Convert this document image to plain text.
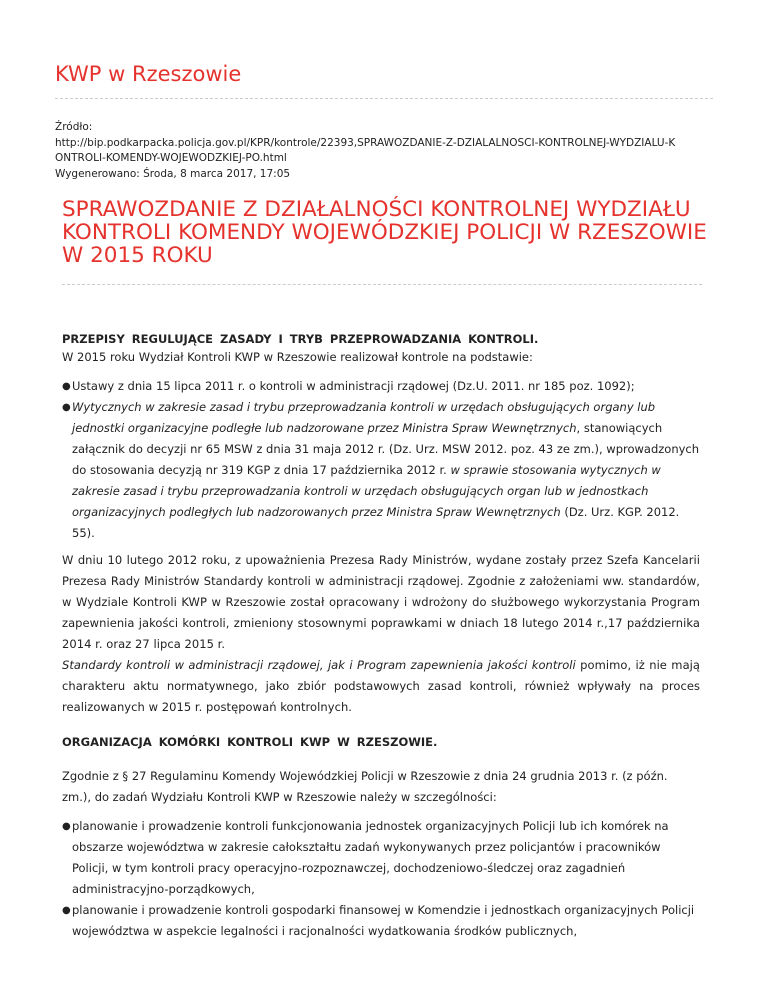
KWP w Rzeszowie
Źródło:
http://bip.podkarpacka.policja.gov.pl/KPR/kontrole/22393,SPRAWOZDANIE-Z-DZIALALNOSCI-KONTROLNEJ-WYDZIALU-K
ONTROLI-KOMENDY-WOJEWODZKIEJ-PO.html
Wygenerowano: Środa, 8 marca 2017, 17:05
SPRAWOZDANIE Z DZIAŁALNOŚCI KONTROLNEJ WYDZIAŁU KONTROLI KOMENDY WOJEWÓDZKIEJ POLICJI W RZESZOWIE W 2015 ROKU

PRZEPISY REGULUJĄCE ZASADY I TRYB PRZEPROWADZANIA KONTROLI.

W 2015 roku Wydział Kontroli KWP w Rzeszowie realizował kontrole na podstawie:

● Ustawy z dnia 15 lipca 2011 r. o kontroli w administracji rządowej (Dz.U. 2011. nr 185 poz. 1092);
● Wytycznych w zakresie zasad i trybu przeprowadzania kontroli w urzędach obsługujących organy lub jednostki organizacyjne podległe lub nadzorowane przez Ministra Spraw Wewnętrznych, stanowiących załącznik do decyzji nr 65 MSW z dnia 31 maja 2012 r. (Dz. Urz. MSW 2012. poz. 43 ze zm.), wprowadzonych do stosowania decyzją nr 319 KGP z dnia 17 października 2012 r. w sprawie stosowania wytycznych w zakresie zasad i trybu przeprowadzania kontroli w urzędach obsługujących organ lub w jednostkach organizacyjnych podległych lub nadzorowanych przez Ministra Spraw Wewnętrznych (Dz. Urz. KGP. 2012. 55).

W dniu 10 lutego 2012 roku, z upoważnienia Prezesa Rady Ministrów, wydane zostały przez Szefa Kancelarii Prezesa Rady Ministrów Standardy kontroli w administracji rządowej. Zgodnie z założeniami ww. standardów, w Wydziale Kontroli KWP w Rzeszowie został opracowany i wdrożony do służbowego wykorzystania Program zapewnienia jakości kontroli, zmieniony stosownymi poprawkami w dniach 18 lutego 2014 r.,17 października 2014 r. oraz 27 lipca 2015 r.

Standardy kontroli w administracji rządowej, jak i Program zapewnienia jakości kontroli pomimo, iż nie mają charakteru aktu normatywnego, jako zbiór podstawowych zasad kontroli, również wpływały na proces realizowanych w 2015 r. postępowań kontrolnych.

ORGANIZACJA KOMÓRKI KONTROLI KWP W RZESZOWIE.

Zgodnie z § 27 Regulaminu Komendy Wojewódzkiej Policji w Rzeszowie z dnia 24 grudnia 2013 r. (z późn. zm.), do zadań Wydziału Kontroli KWP w Rzeszowie należy w szczególności:

● planowanie i prowadzenie kontroli funkcjonowania jednostek organizacyjnych Policji lub ich komórek na obszarze województwa w zakresie całokształtu zadań wykonywanych przez policjantów i pracowników Policji, w tym kontroli pracy operacyjno-rozpoznawczej, dochodzeniowo-śledczej oraz zagadnień administracyjno-porządkowych,
● planowanie i prowadzenie kontroli gospodarki finansowej w Komendzie i jednostkach organizacyjnych Policji województwa w aspekcie legalności i racjonalności wydatkowania środków publicznych,
